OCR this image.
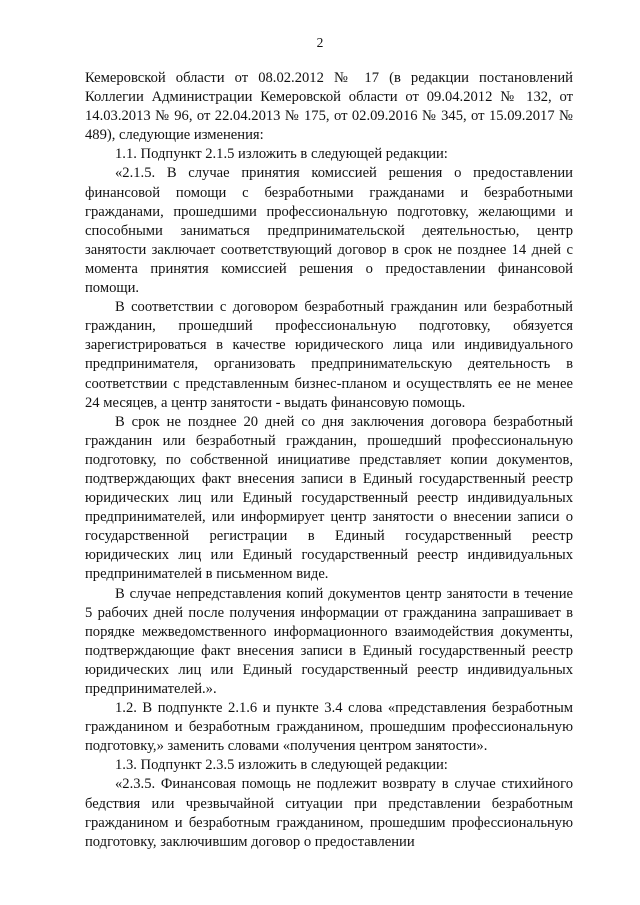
2

Кемеровской области от 08.02.2012 № 17 (в редакции постановлений Коллегии Администрации Кемеровской области от 09.04.2012 № 132, от 14.03.2013 № 96, от 22.04.2013 № 175, от 02.09.2016 № 345, от 15.09.2017 № 489), следующие изменения:

1.1. Подпункт 2.1.5 изложить в следующей редакции:

«2.1.5. В случае принятия комиссией решения о предоставлении финансовой помощи с безработными гражданами и безработными гражданами, прошедшими профессиональную подготовку, желающими и способными заниматься предпринимательской деятельностью, центр занятости заключает соответствующий договор в срок не позднее 14 дней с момента принятия комиссией решения о предоставлении финансовой помощи.

В соответствии с договором безработный гражданин или безработный гражданин, прошедший профессиональную подготовку, обязуется зарегистрироваться в качестве юридического лица или индивидуального предпринимателя, организовать предпринимательскую деятельность в соответствии с представленным бизнес-планом и осуществлять ее не менее 24 месяцев, а центр занятости - выдать финансовую помощь.

В срок не позднее 20 дней со дня заключения договора безработный гражданин или безработный гражданин, прошедший профессиональную подготовку, по собственной инициативе представляет копии документов, подтверждающих факт внесения записи в Единый государственный реестр юридических лиц или Единый государственный реестр индивидуальных предпринимателей, или информирует центр занятости о внесении записи о государственной регистрации в Единый государственный реестр юридических лиц или Единый государственный реестр индивидуальных предпринимателей в письменном виде.

В случае непредставления копий документов центр занятости в течение 5 рабочих дней после получения информации от гражданина запрашивает в порядке межведомственного информационного взаимодействия документы, подтверждающие факт внесения записи в Единый государственный реестр юридических лиц или Единый государственный реестр индивидуальных предпринимателей.».

1.2. В подпункте 2.1.6 и пункте 3.4 слова «представления безработным гражданином и безработным гражданином, прошедшим профессиональную подготовку,» заменить словами «получения центром занятости».

1.3. Подпункт 2.3.5 изложить в следующей редакции:

«2.3.5. Финансовая помощь не подлежит возврату в случае стихийного бедствия или чрезвычайной ситуации при представлении безработным гражданином и безработным гражданином, прошедшим профессиональную подготовку, заключившим договор о предоставлении
